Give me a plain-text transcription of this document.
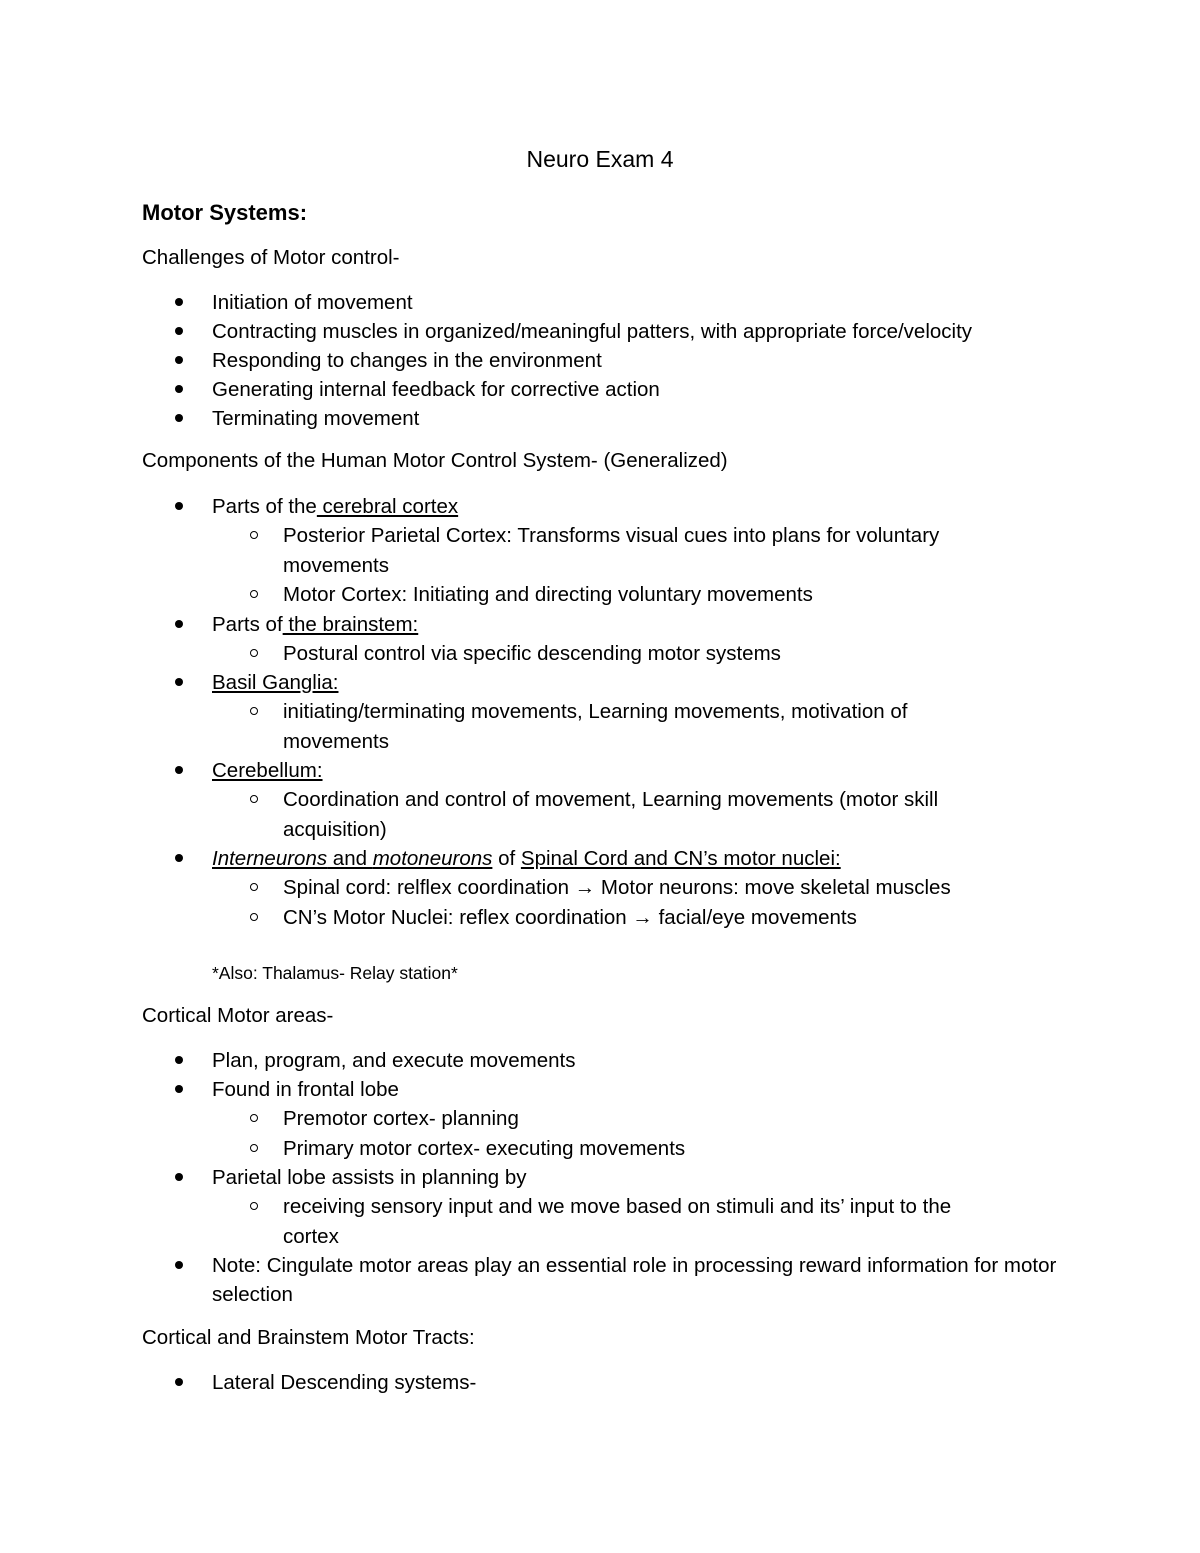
Neuro Exam 4
Motor Systems:
Challenges of Motor control-
Initiation of movement
Contracting muscles in organized/meaningful patters, with appropriate force/velocity
Responding to changes in the environment
Generating internal feedback for corrective action
Terminating movement
Components of the Human Motor Control System- (Generalized)
Parts of the cerebral cortex
Posterior Parietal Cortex: Transforms visual cues into plans for voluntary movements
Motor Cortex: Initiating and directing voluntary movements
Parts of the brainstem:
Postural control via specific descending motor systems
Basil Ganglia:
initiating/terminating movements, Learning movements, motivation of movements
Cerebellum:
Coordination and control of movement, Learning movements (motor skill acquisition)
Interneurons and motoneurons of Spinal Cord and CN’s motor nuclei:
Spinal cord: relflex coordination → Motor neurons: move skeletal muscles
CN’s Motor Nuclei: reflex coordination → facial/eye movements
*Also: Thalamus- Relay station*
Cortical Motor areas-
Plan, program, and execute movements
Found in frontal lobe
Premotor cortex- planning
Primary motor cortex- executing movements
Parietal lobe assists in planning by
receiving sensory input and we move based on stimuli and its’ input to the cortex
Note: Cingulate motor areas play an essential role in processing reward information for motor selection
Cortical and Brainstem Motor Tracts:
Lateral Descending systems-
